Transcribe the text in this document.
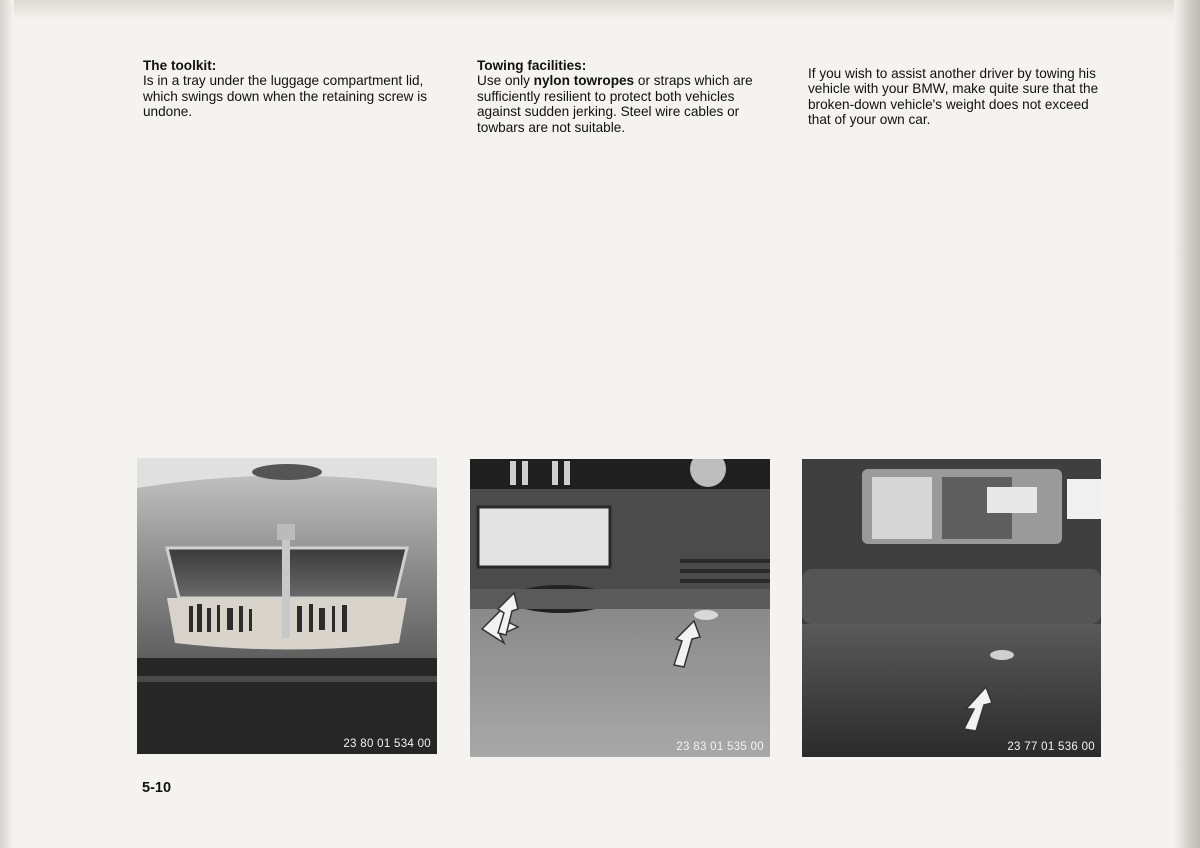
The toolkit:

Is in a tray under the luggage compartment lid, which swings down when the retaining screw is undone.

Towing facilities:

Use only nylon towropes or straps which are sufficiently resilient to protect both vehicles against sudden jerking. Steel wire cables or towbars are not suitable.

If you wish to assist another driver by towing his vehicle with your BMW, make quite sure that the broken-down vehicle's weight does not exceed that of your own car.

23 80 01 534 00	23 83 01 535 00	23 77 01 536 00
5-10
